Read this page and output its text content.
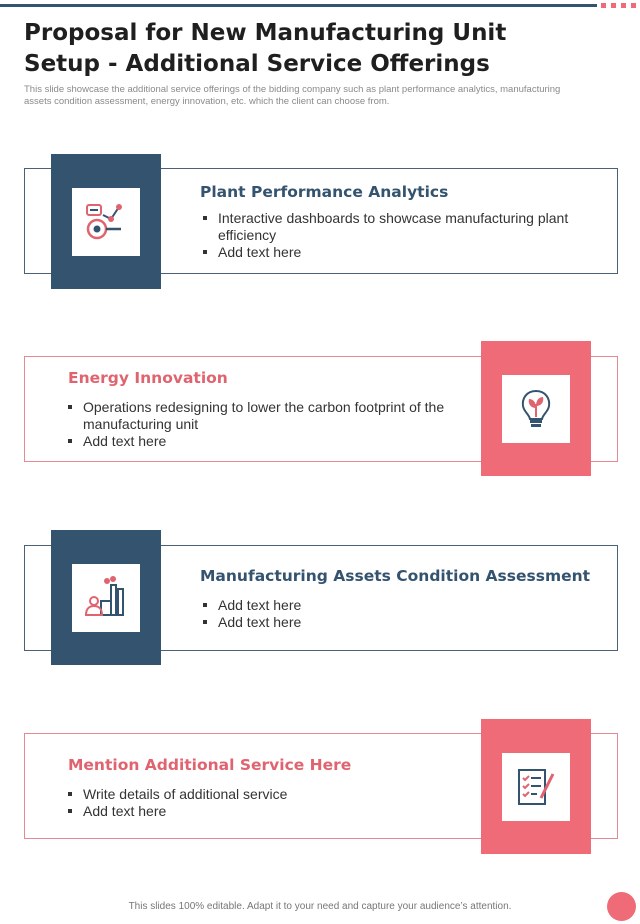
Proposal for New Manufacturing Unit Setup - Additional Service Offerings

This slide showcase the additional service offerings of the bidding company such as plant performance analytics, manufacturing assets condition assessment, energy innovation, etc. which the client can choose from.

Plant Performance Analytics
Interactive dashboards to showcase manufacturing plant efficiency
Add text here
Energy Innovation
Operations redesigning to lower the carbon footprint of the manufacturing unit
Add text here
Manufacturing Assets Condition Assessment
Add text here
Add text here
Mention Additional Service Here
Write details of additional service
Add text here
This slides 100% editable. Adapt it to your need and capture your audience’s attention.
